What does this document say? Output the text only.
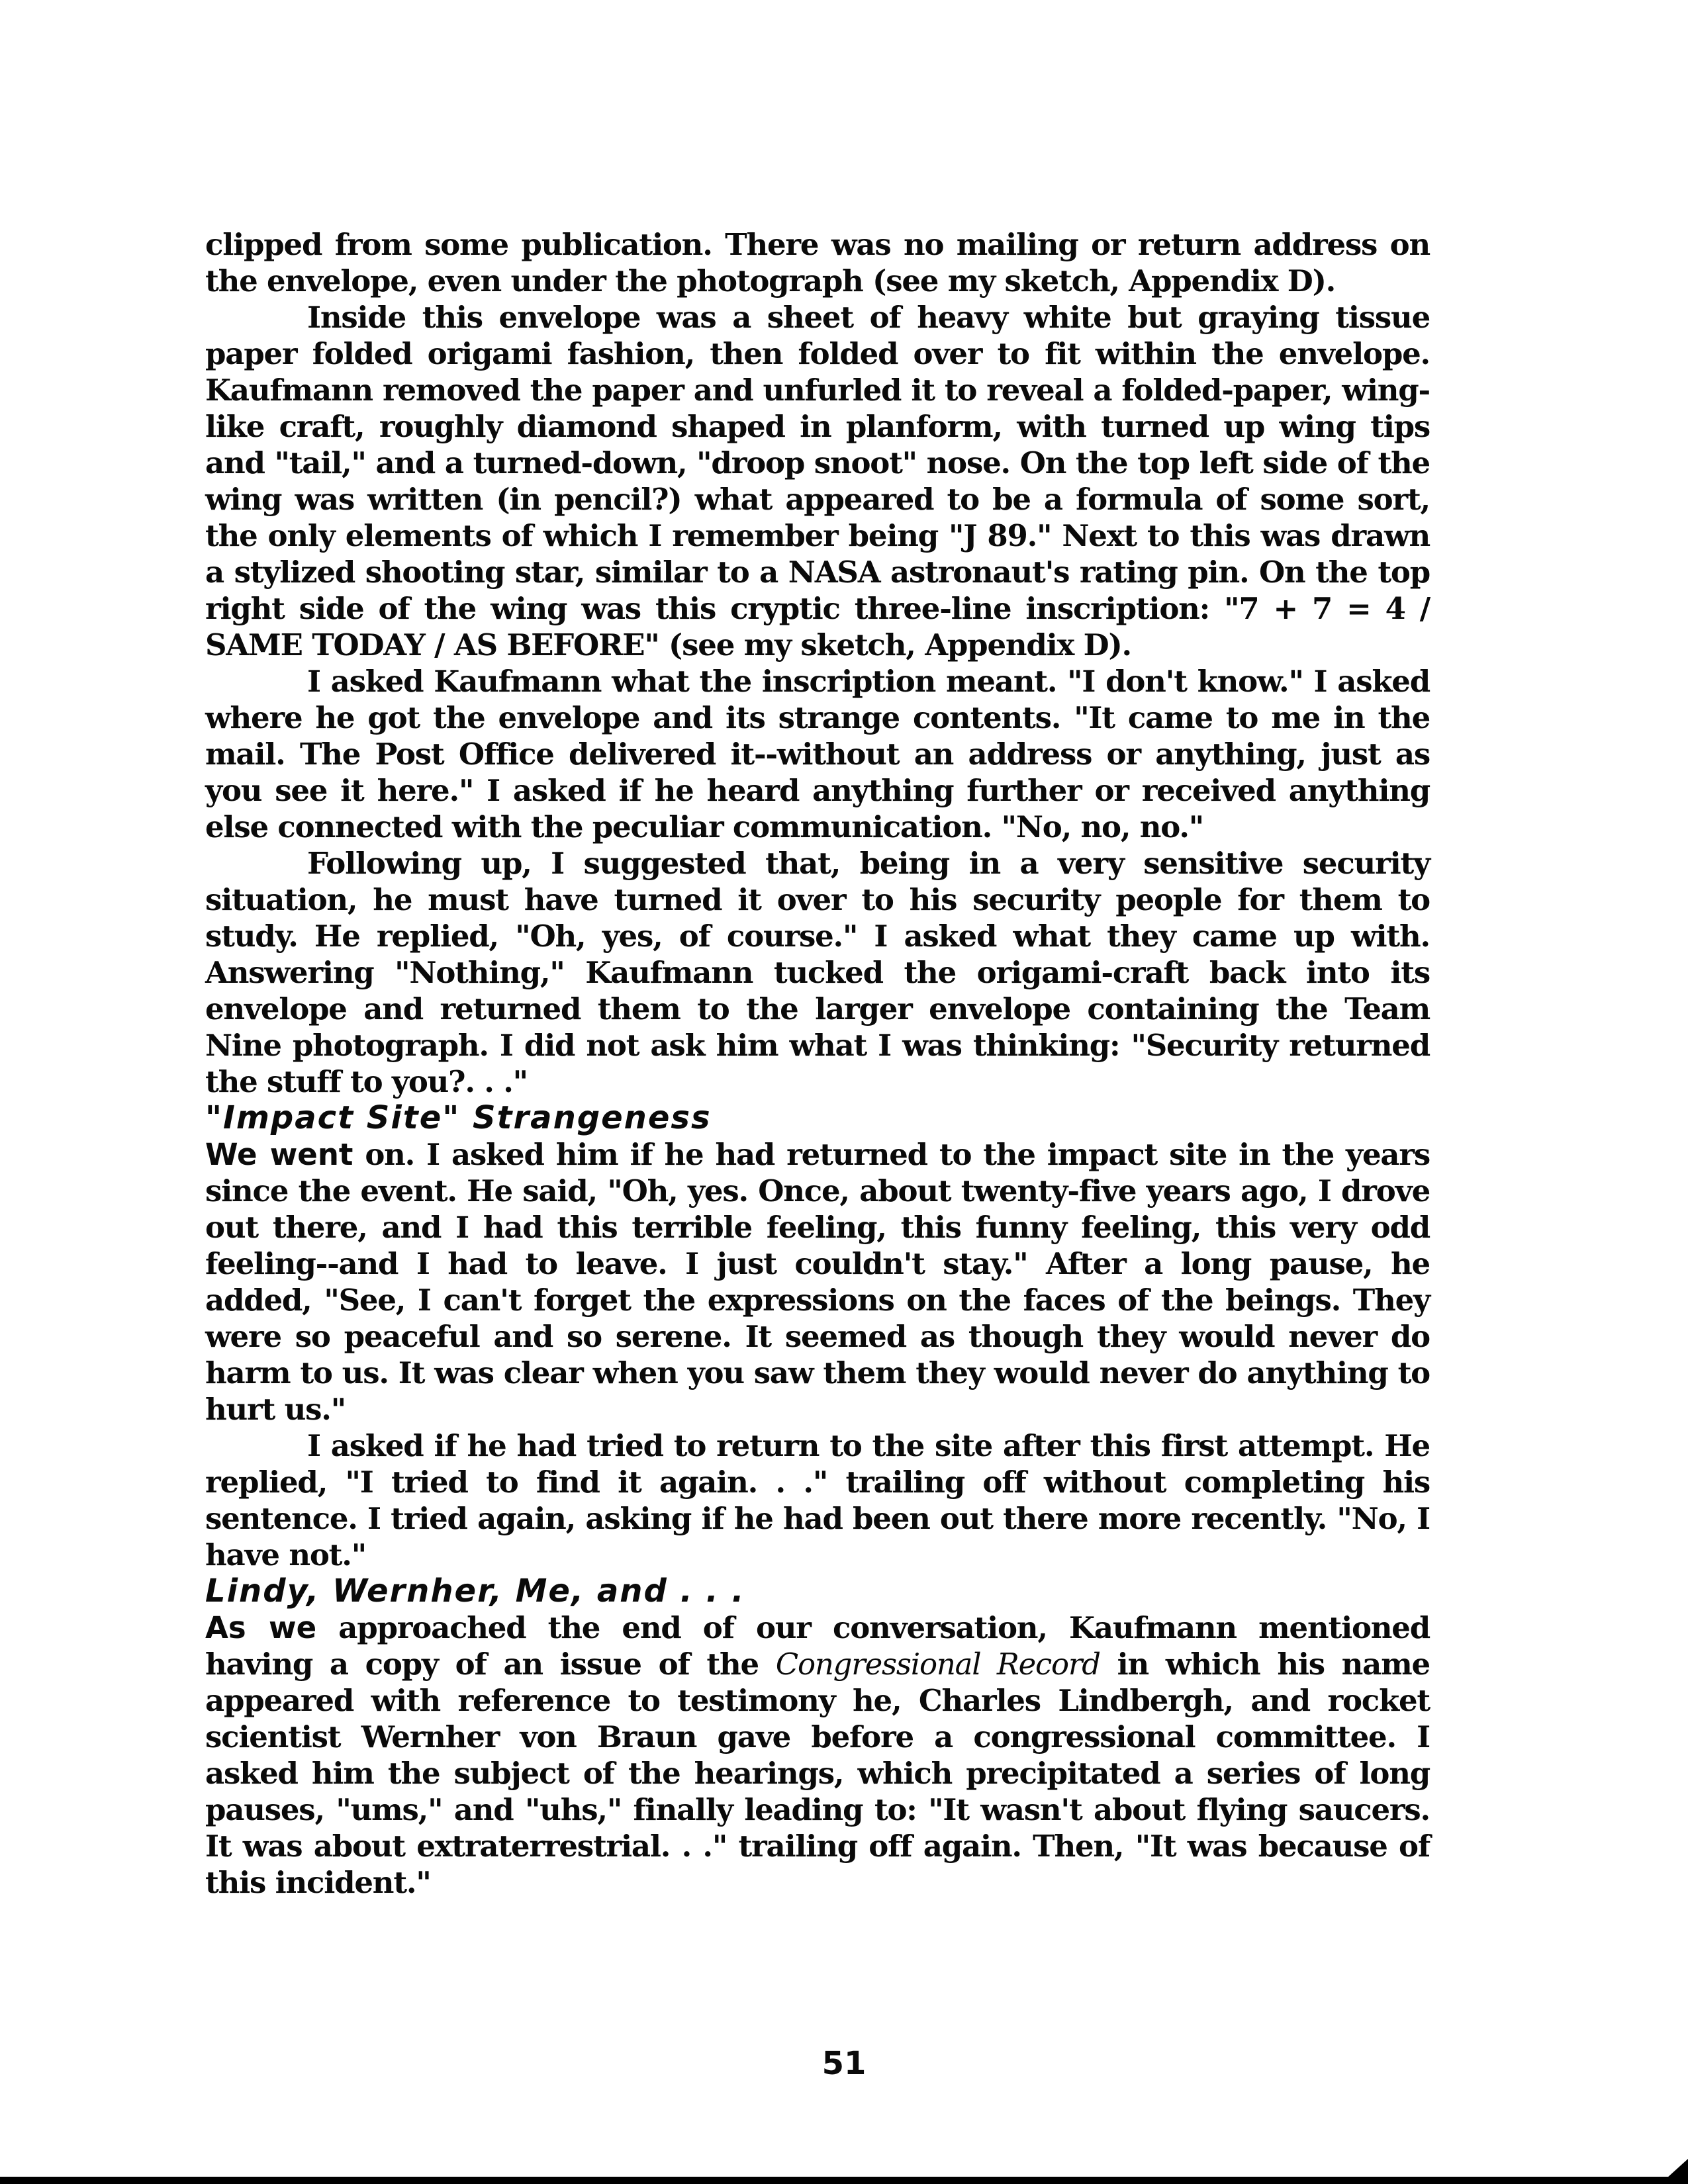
clipped from some publication. There was no mailing or return address on the envelope, even under the photograph (see my sketch, Appendix D).

Inside this envelope was a sheet of heavy white but graying tissue paper folded origami fashion, then folded over to fit within the envelope. Kaufmann removed the paper and unfurled it to reveal a folded-paper, wing-like craft, roughly diamond shaped in planform, with turned up wing tips and "tail," and a turned-down, "droop snoot" nose. On the top left side of the wing was written (in pencil?) what appeared to be a formula of some sort, the only elements of which I remember being "J 89." Next to this was drawn a stylized shooting star, similar to a NASA astronaut's rating pin. On the top right side of the wing was this cryptic three-line inscription: "7 + 7 = 4 / SAME TODAY / AS BEFORE" (see my sketch, Appendix D).

I asked Kaufmann what the inscription meant. "I don't know." I asked where he got the envelope and its strange contents. "It came to me in the mail. The Post Office delivered it--without an address or anything, just as you see it here." I asked if he heard anything further or received anything else connected with the peculiar communication. "No, no, no."

Following up, I suggested that, being in a very sensitive security situation, he must have turned it over to his security people for them to study. He replied, "Oh, yes, of course." I asked what they came up with. Answering "Nothing," Kaufmann tucked the origami-craft back into its envelope and returned them to the larger envelope containing the Team Nine photograph. I did not ask him what I was thinking: "Security returned the stuff to you?. . ."

"Impact Site" Strangeness

We went on. I asked him if he had returned to the impact site in the years since the event. He said, "Oh, yes. Once, about twenty-five years ago, I drove out there, and I had this terrible feeling, this funny feeling, this very odd feeling--and I had to leave. I just couldn't stay." After a long pause, he added, "See, I can't forget the expressions on the faces of the beings. They were so peaceful and so serene. It seemed as though they would never do harm to us. It was clear when you saw them they would never do anything to hurt us."

I asked if he had tried to return to the site after this first attempt. He replied, "I tried to find it again. . ." trailing off without completing his sentence. I tried again, asking if he had been out there more recently. "No, I have not."

Lindy, Wernher, Me, and . . .

As we approached the end of our conversation, Kaufmann mentioned having a copy of an issue of the Congressional Record in which his name appeared with reference to testimony he, Charles Lindbergh, and rocket scientist Wernher von Braun gave before a congressional committee. I asked him the subject of the hearings, which precipitated a series of long pauses, "ums," and "uhs," finally leading to: "It wasn't about flying saucers. It was about extraterrestrial. . ." trailing off again. Then, "It was because of this incident."

51
